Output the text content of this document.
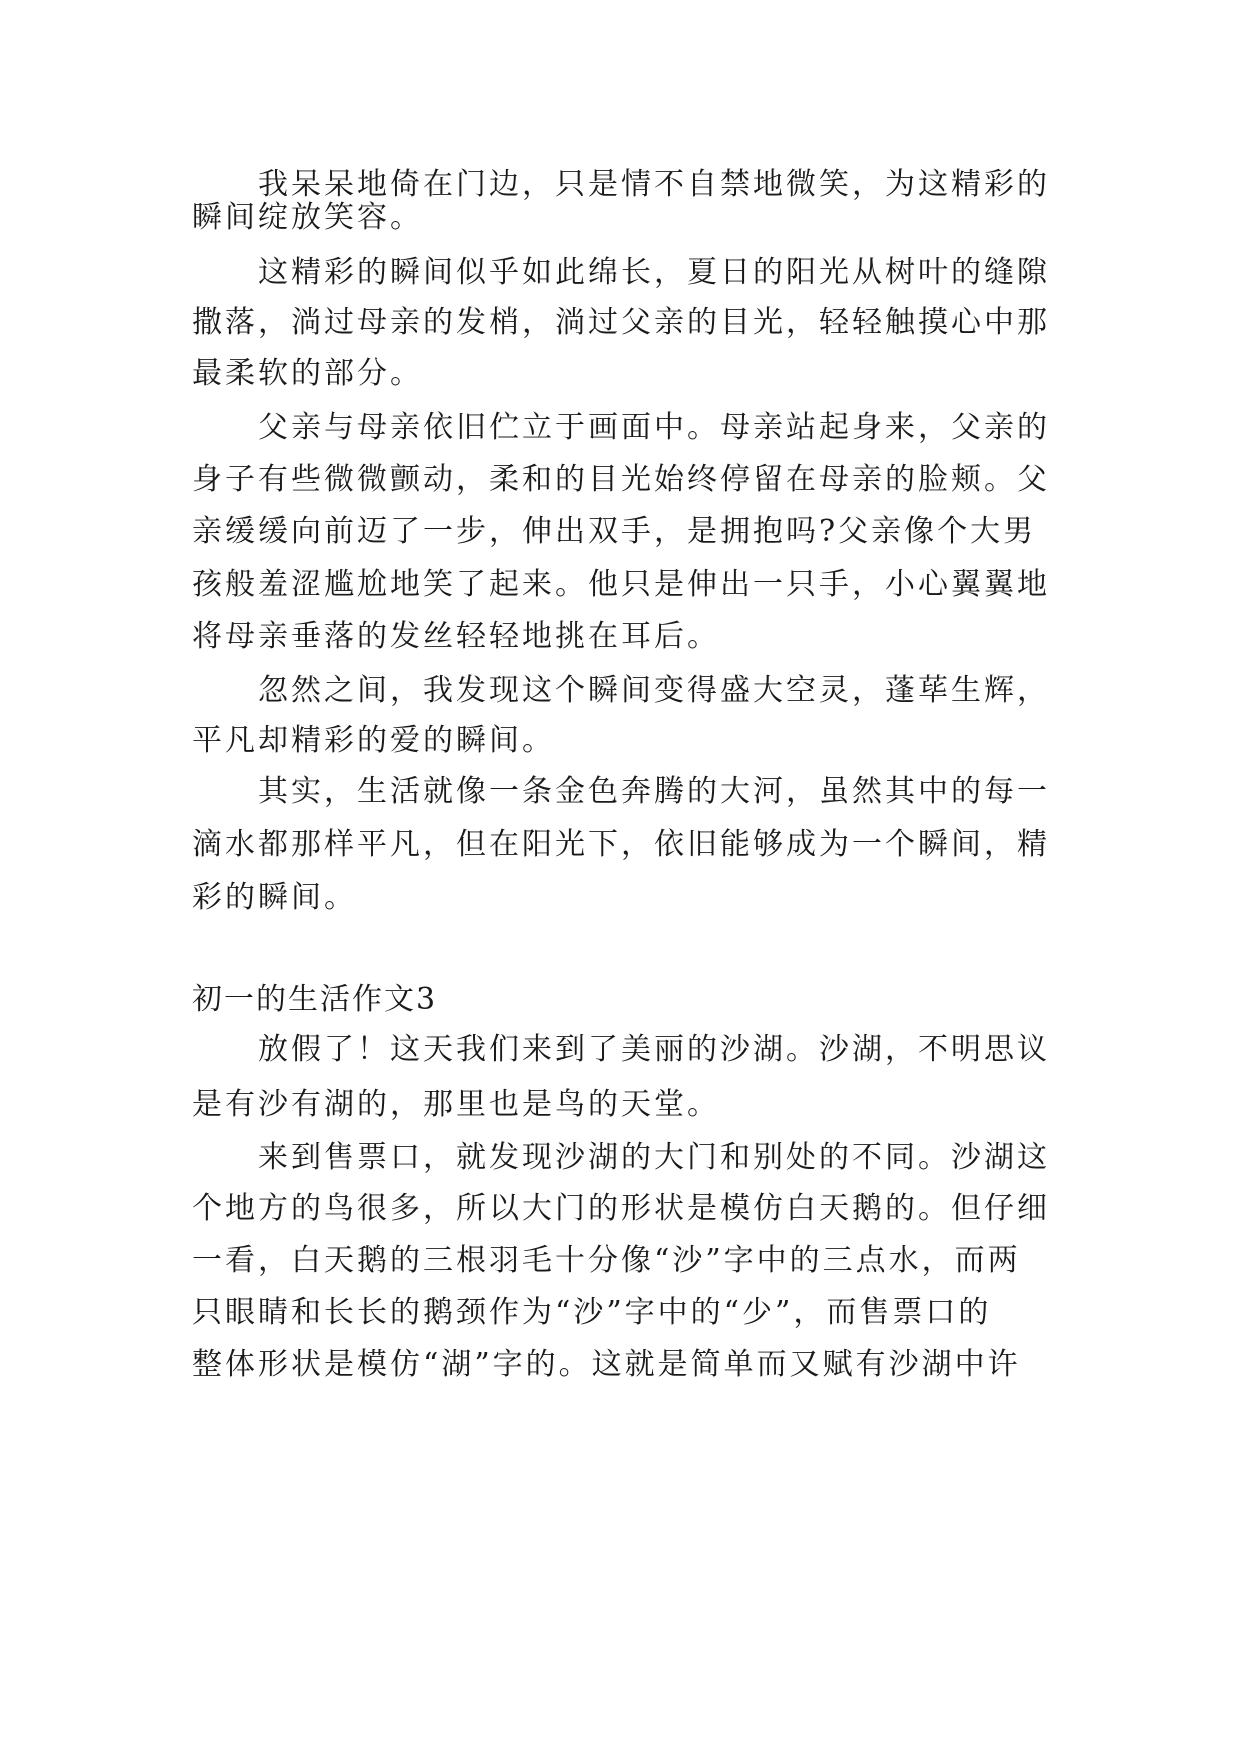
我呆呆地倚在门边，只是情不自禁地微笑，为这精彩的
瞬间绽放笑容。
这精彩的瞬间似乎如此绵长，夏日的阳光从树叶的缝隙
撒落，淌过母亲的发梢，淌过父亲的目光，轻轻触摸心中那
最柔软的部分。
父亲与母亲依旧伫立于画面中。母亲站起身来，父亲的
身子有些微微颤动，柔和的目光始终停留在母亲的脸颊。父
亲缓缓向前迈了一步，伸出双手，是拥抱吗?父亲像个大男
孩般羞涩尴尬地笑了起来。他只是伸出一只手，小心翼翼地
将母亲垂落的发丝轻轻地挑在耳后。
忽然之间，我发现这个瞬间变得盛大空灵，蓬荜生辉，
平凡却精彩的爱的瞬间。
其实，生活就像一条金色奔腾的大河，虽然其中的每一
滴水都那样平凡，但在阳光下，依旧能够成为一个瞬间，精
彩的瞬间。
初一的生活作文3
放假了！这天我们来到了美丽的沙湖。沙湖，不明思议
是有沙有湖的，那里也是鸟的天堂。
来到售票口，就发现沙湖的大门和别处的不同。沙湖这
个地方的鸟很多，所以大门的形状是模仿白天鹅的。但仔细
一看，白天鹅的三根羽毛十分像“沙”字中的三点水，而两
只眼睛和长长的鹅颈作为“沙”字中的“少”，而售票口的
整体形状是模仿“湖”字的。这就是简单而又赋有沙湖中许
